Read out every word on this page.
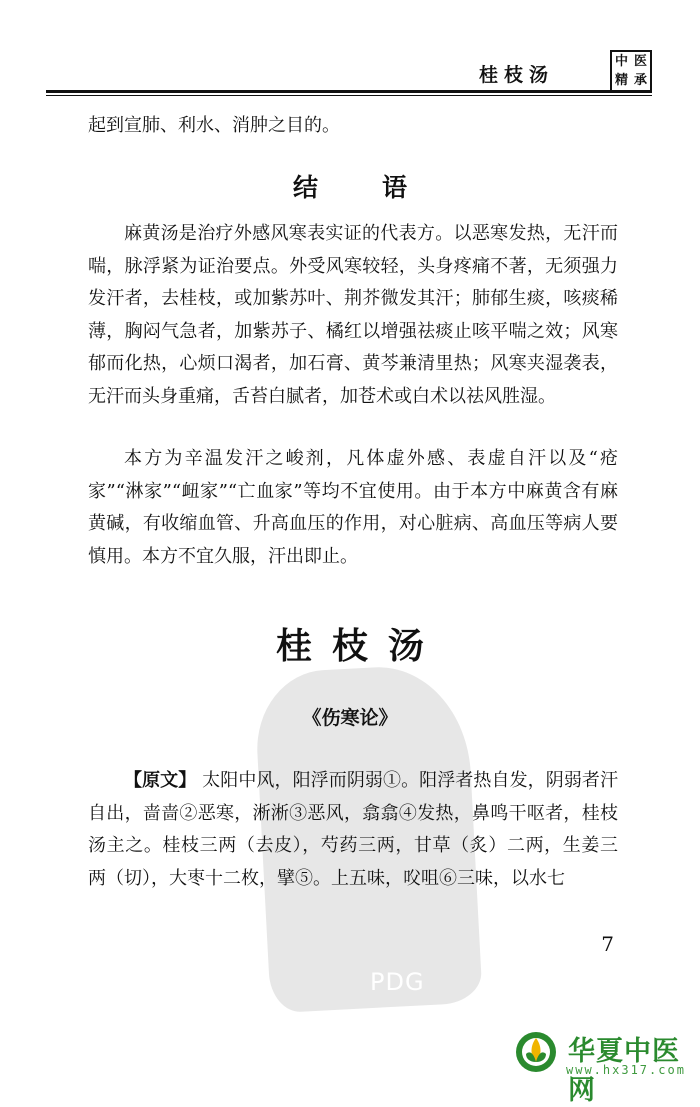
桂枝汤
中 医
精 承
PDG

起到宣肺、利水、消肿之目的。

结语

麻黄汤是治疗外感风寒表实证的代表方。以恶寒发热，无汗而喘，脉浮紧为证治要点。外受风寒较轻，头身疼痛不著，无须强力发汗者，去桂枝，或加紫苏叶、荆芥微发其汗；肺郁生痰，咳痰稀薄，胸闷气急者，加紫苏子、橘红以增强祛痰止咳平喘之效；风寒郁而化热，心烦口渴者，加石膏、黄芩兼清里热；风寒夹湿袭表，无汗而头身重痛，舌苔白腻者，加苍术或白术以祛风胜湿。

本方为辛温发汗之峻剂，凡体虚外感、表虚自汗以及“疮家”“淋家”“衄家”“亡血家”等均不宜使用。由于本方中麻黄含有麻黄碱，有收缩血管、升高血压的作用，对心脏病、高血压等病人要慎用。本方不宜久服，汗出即止。

桂枝汤
《伤寒论》

【原文】 太阳中风，阳浮而阴弱①。阳浮者热自发，阴弱者汗自出，啬啬②恶寒，淅淅③恶风，翕翕④发热，鼻鸣干呕者，桂枝汤主之。桂枝三两（去皮），芍药三两，甘草（炙）二两，生姜三两（切），大枣十二枚，擘⑤。上五味，㕮咀⑥三味，以水七

7
华夏中医网
www.hx317.com
